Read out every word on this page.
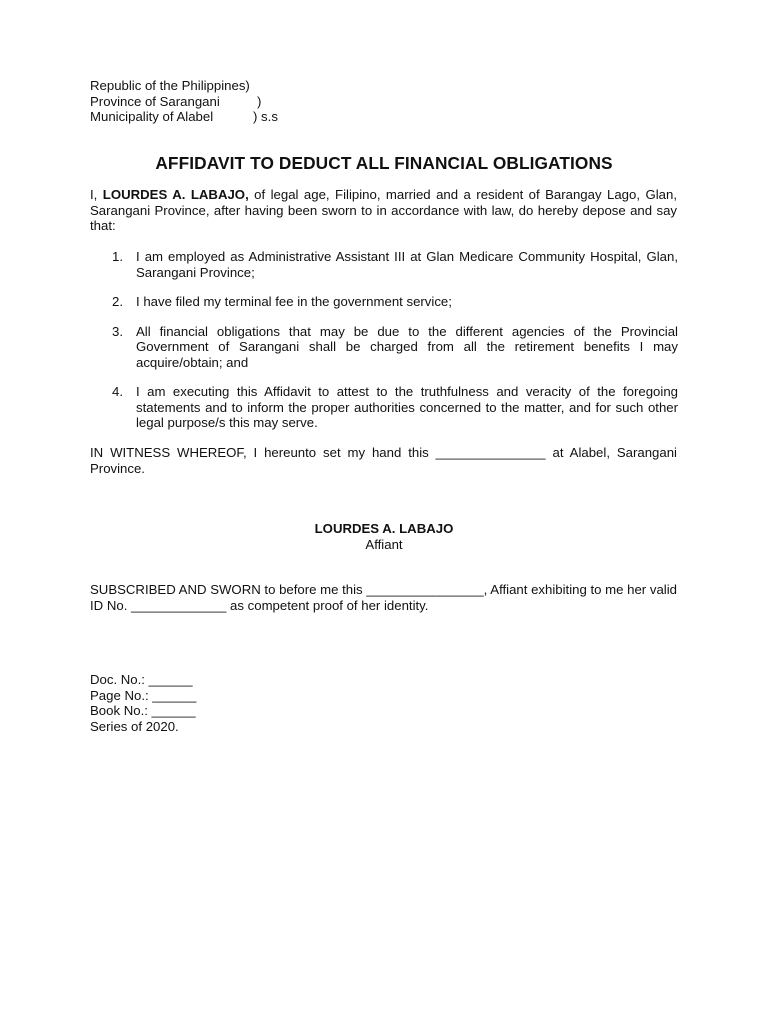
Republic of the Philippines)
Province of Sarangani	)
Municipality of Alabel	) s.s
AFFIDAVIT TO DEDUCT ALL FINANCIAL OBLIGATIONS
I, LOURDES A. LABAJO, of legal age, Filipino, married and a resident of Barangay Lago, Glan, Sarangani Province, after having been sworn to in accordance with law, do hereby depose and say that:
1. I am employed as Administrative Assistant III at Glan Medicare Community Hospital, Glan, Sarangani Province;
2. I have filed my terminal fee in the government service;
3. All financial obligations that may be due to the different agencies of the Provincial Government of Sarangani shall be charged from all the retirement benefits I may acquire/obtain; and
4. I am executing this Affidavit to attest to the truthfulness and veracity of the foregoing statements and to inform the proper authorities concerned to the matter, and for such other legal purpose/s this may serve.
IN WITNESS WHEREOF, I hereunto set my hand this _______________ at Alabel, Sarangani Province.
LOURDES A. LABAJO
Affiant
SUBSCRIBED AND SWORN to before me this ________________, Affiant exhibiting to me her valid ID No. _____________ as competent proof of her identity.
Doc. No.: ______
Page No.: ______
Book No.: ______
Series of 2020.
